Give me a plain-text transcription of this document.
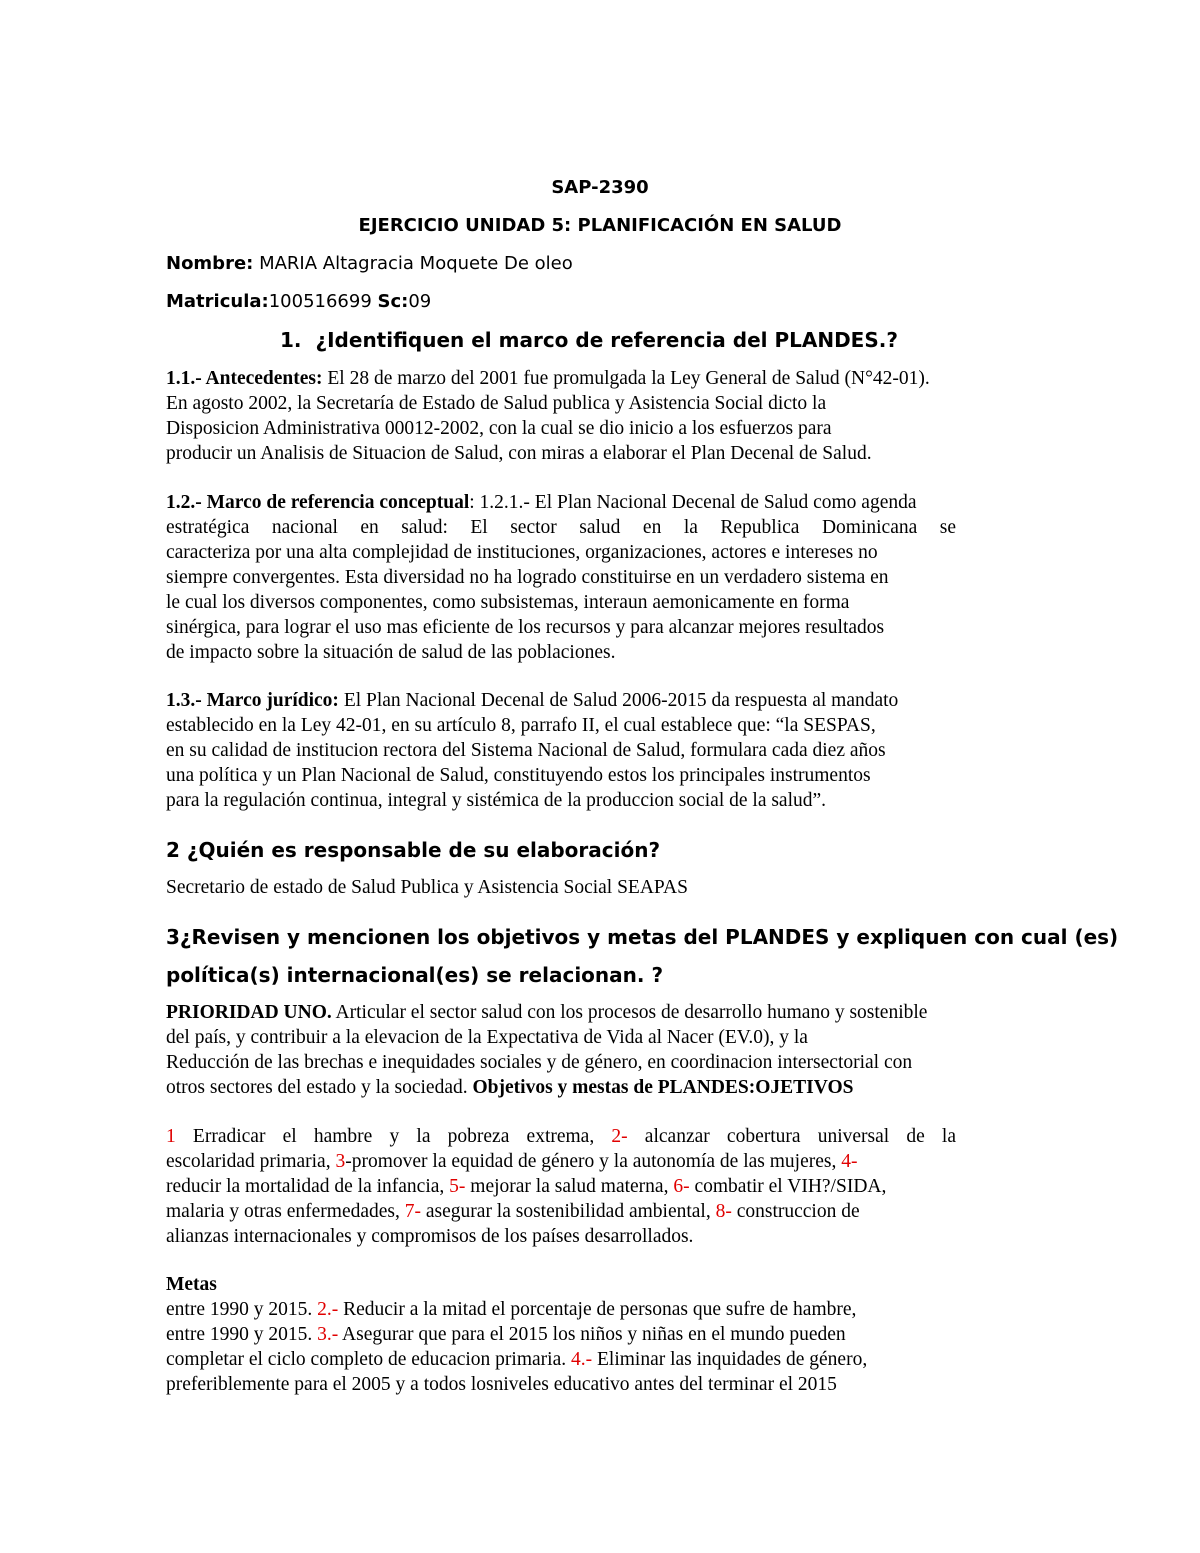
SAP-2390
EJERCICIO UNIDAD 5: PLANIFICACIÓN EN SALUD
Nombre: MARIA Altagracia Moquete De oleo
Matricula:100516699 Sc:09
1. ¿Identifiquen el marco de referencia del PLANDES.?
1.1.- Antecedentes: El 28 de marzo del 2001 fue promulgada la Ley General de Salud (N°42-01).
En agosto 2002, la Secretaría de Estado de Salud publica y Asistencia Social dicto la
Disposicion Administrativa 00012-2002, con la cual se dio inicio a los esfuerzos para
producir un Analisis de Situacion de Salud, con miras a elaborar el Plan Decenal de Salud.
1.2.- Marco de referencia conceptual: 1.2.1.- El Plan Nacional Decenal de Salud como agenda
estratégica nacional en salud: El sector salud en la Republica Dominicana se
caracteriza por una alta complejidad de instituciones, organizaciones, actores e intereses no
siempre convergentes. Esta diversidad no ha logrado constituirse en un verdadero sistema en
le cual los diversos componentes, como subsistemas, interaun aemonicamente en forma
sinérgica, para lograr el uso mas eficiente de los recursos y para alcanzar mejores resultados
de impacto sobre la situación de salud de las poblaciones.
1.3.- Marco jurídico: El Plan Nacional Decenal de Salud 2006-2015 da respuesta al mandato
establecido en la Ley 42-01, en su artículo 8, parrafo II, el cual establece que: “la SESPAS,
en su calidad de institucion rectora del Sistema Nacional de Salud, formulara cada diez años
una política y un Plan Nacional de Salud, constituyendo estos los principales instrumentos
para la regulación continua, integral y sistémica de la produccion social de la salud”.
2 ¿Quién es responsable de su elaboración?
Secretario de estado de Salud Publica y Asistencia Social SEAPAS
3¿Revisen y mencionen los objetivos y metas del PLANDES y expliquen con cual (es)
política(s) internacional(es) se relacionan. ?
PRIORIDAD UNO. Articular el sector salud con los procesos de desarrollo humano y sostenible
del país, y contribuir a la elevacion de la Expectativa de Vida al Nacer (EV.0), y la
Reducción de las brechas e inequidades sociales y de género, en coordinacion intersectorial con
otros sectores del estado y la sociedad. Objetivos y mestas de PLANDES:OJETIVOS
1 Erradicar el hambre y la pobreza extrema, 2- alcanzar cobertura universal de la
escolaridad primaria, 3-promover la equidad de género y la autonomía de las mujeres, 4-
reducir la mortalidad de la infancia, 5- mejorar la salud materna, 6- combatir el VIH?/SIDA,
malaria y otras enfermedades, 7- asegurar la sostenibilidad ambiental, 8- construccion de
alianzas internacionales y compromisos de los países desarrollados.
Metas
entre 1990 y 2015. 2.- Reducir a la mitad el porcentaje de personas que sufre de hambre,
entre 1990 y 2015. 3.- Asegurar que para el 2015 los niños y niñas en el mundo pueden
completar el ciclo completo de educacion primaria. 4.- Eliminar las inquidades de género,
preferiblemente para el 2005 y a todos losniveles educativo antes del terminar el 2015
